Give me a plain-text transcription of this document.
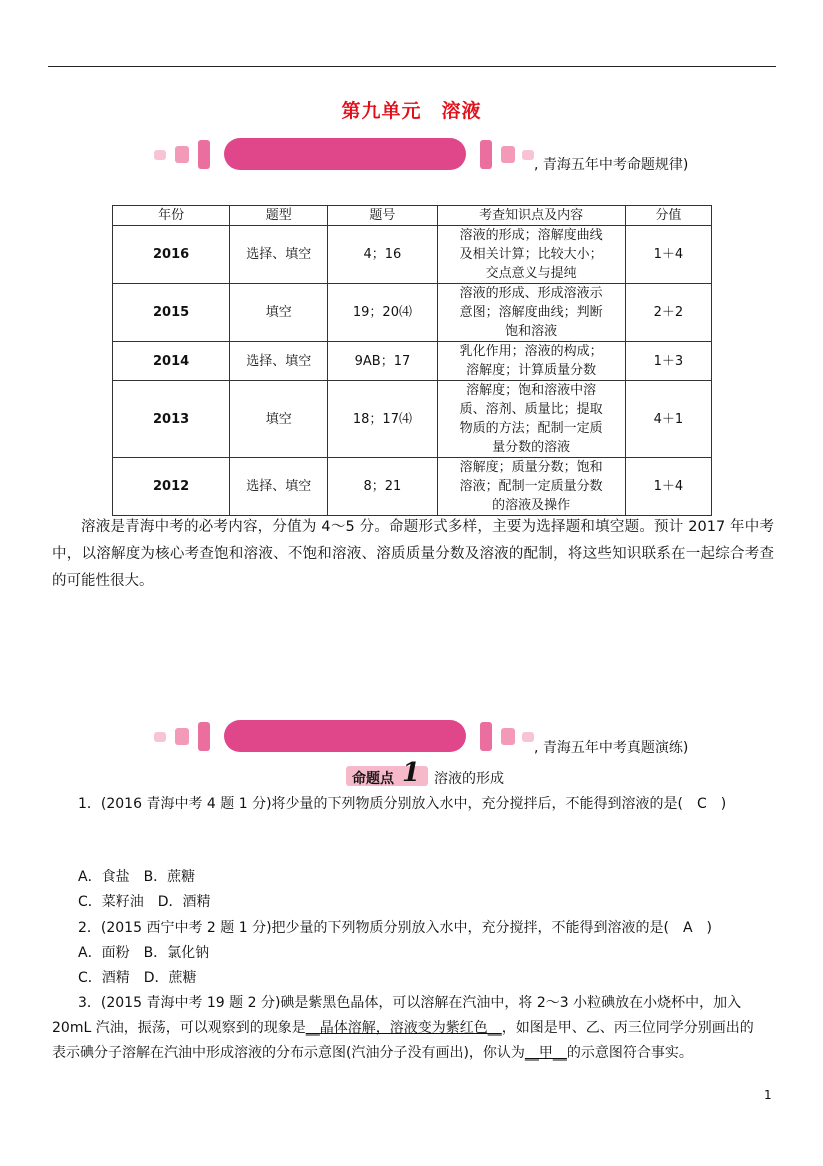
第九单元　溶液
, 青海五年中考命题规律)
年份	题型	题号	考查知识点及内容	分值
2016	选择、填空	4；16	溶液的形成；溶解度曲线
及相关计算；比较大小；
交点意义与提纯	1＋4
2015	填空	19；20⑷	溶液的形成、形成溶液示
意图；溶解度曲线；判断
饱和溶液	2＋2
2014	选择、填空	9AB；17	乳化作用；溶液的构成；
溶解度；计算质量分数	1＋3
2013	填空	18；17⑷	溶解度；饱和溶液中溶
质、溶剂、质量比；提取
物质的方法；配制一定质
量分数的溶液	4＋1
2012	选择、填空	8；21	溶解度；质量分数；饱和
溶液；配制一定质量分数
的溶液及操作	1＋4
溶液是青海中考的必考内容，分值为 4～5 分。命题形式多样，主要为选择题和填空题。预计 2017 年中考中，以溶解度为核心考查饱和溶液、不饱和溶液、溶质质量分数及溶液的配制，将这些知识联系在一起综合考查的可能性很大。
, 青海五年中考真题演练)
命题点 1 溶液的形成
1．(2016 青海中考 4 题 1 分)将少量的下列物质分别放入水中，充分搅拌后，不能得到溶液的是(　C　)
A．食盐　B．蔗糖
C．菜籽油　D．酒精
2．(2015 西宁中考 2 题 1 分)把少量的下列物质分别放入水中，充分搅拌，不能得到溶液的是(　A　)
A．面粉　B．氯化钠
C．酒精　D．蔗糖
3．(2015 青海中考 19 题 2 分)碘是紫黑色晶体，可以溶解在汽油中，将 2～3 小粒碘放在小烧杯中，加入
20mL 汽油，振荡，可以观察到的现象是__晶体溶解，溶液变为紫红色__，如图是甲、乙、丙三位同学分别画出的
表示碘分子溶解在汽油中形成溶液的分布示意图(汽油分子没有画出)，你认为__甲__的示意图符合事实。
1
